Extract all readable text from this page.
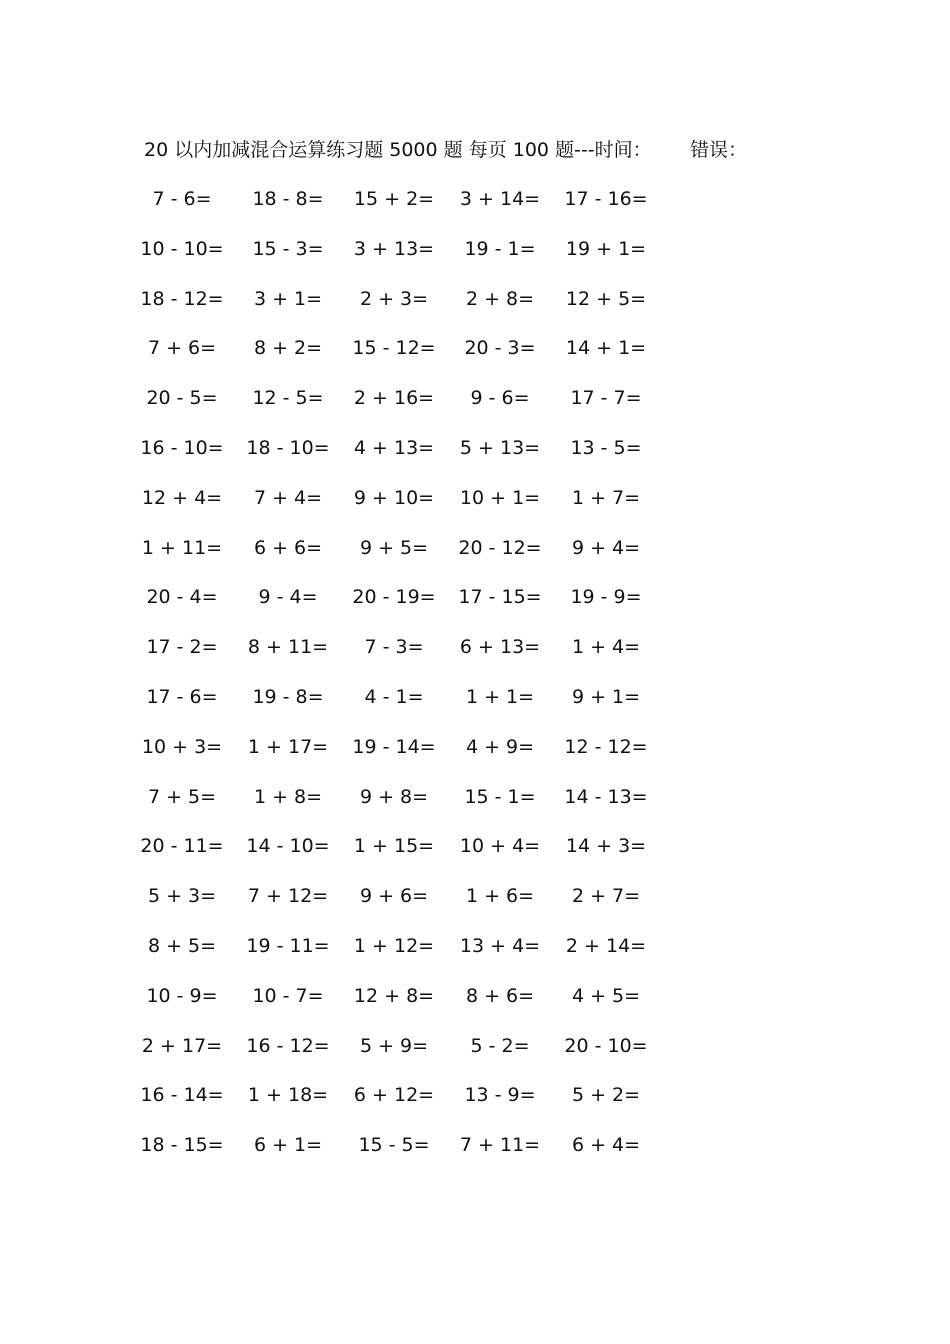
20 以内加减混合运算练习题 5000 题 每页 100 题---时间： 错误：
7 - 6=	18 - 8=	15 + 2=	3 + 14=	17 - 16=
10 - 10=	15 - 3=	3 + 13=	19 - 1=	19 + 1=
18 - 12=	3 + 1=	2 + 3=	2 + 8=	12 + 5=
7 + 6=	8 + 2=	15 - 12=	20 - 3=	14 + 1=
20 - 5=	12 - 5=	2 + 16=	9 - 6=	17 - 7=
16 - 10=	18 - 10=	4 + 13=	5 + 13=	13 - 5=
12 + 4=	7 + 4=	9 + 10=	10 + 1=	1 + 7=
1 + 11=	6 + 6=	9 + 5=	20 - 12=	9 + 4=
20 - 4=	9 - 4=	20 - 19=	17 - 15=	19 - 9=
17 - 2=	8 + 11=	7 - 3=	6 + 13=	1 + 4=
17 - 6=	19 - 8=	4 - 1=	1 + 1=	9 + 1=
10 + 3=	1 + 17=	19 - 14=	4 + 9=	12 - 12=
7 + 5=	1 + 8=	9 + 8=	15 - 1=	14 - 13=
20 - 11=	14 - 10=	1 + 15=	10 + 4=	14 + 3=
5 + 3=	7 + 12=	9 + 6=	1 + 6=	2 + 7=
8 + 5=	19 - 11=	1 + 12=	13 + 4=	2 + 14=
10 - 9=	10 - 7=	12 + 8=	8 + 6=	4 + 5=
2 + 17=	16 - 12=	5 + 9=	5 - 2=	20 - 10=
16 - 14=	1 + 18=	6 + 12=	13 - 9=	5 + 2=
18 - 15=	6 + 1=	15 - 5=	7 + 11=	6 + 4=
